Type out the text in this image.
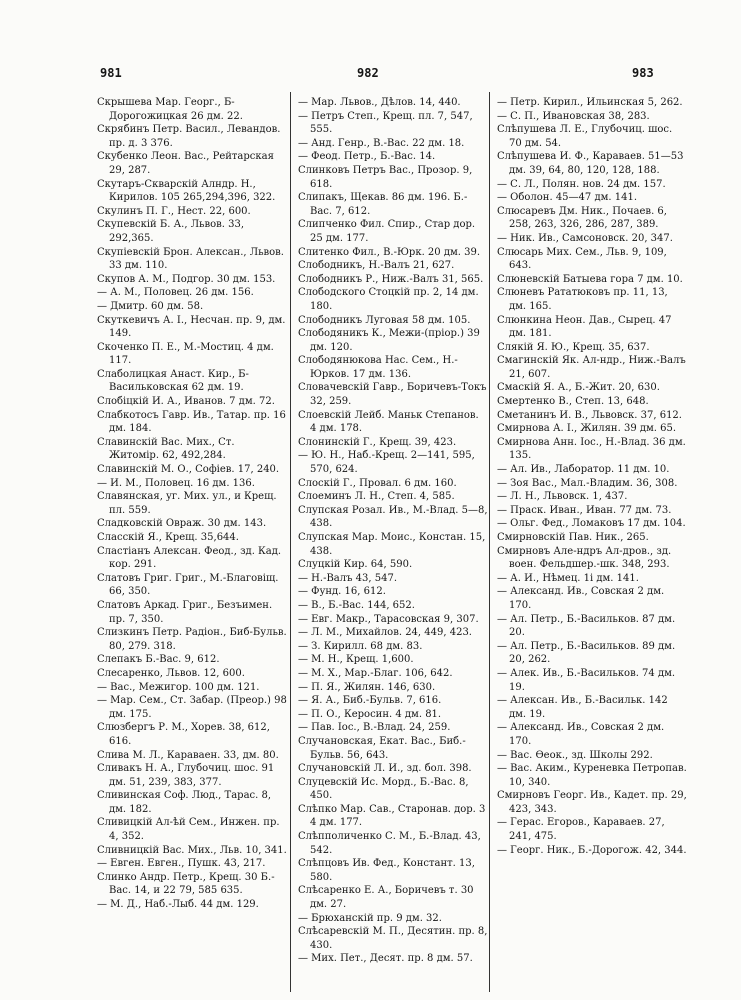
981	982	983

Скрышева Мар. Георг., Б-Дорогожицкая 26 дм. 22.

Скрябинъ Петр. Васил., Левандов. пр. д. 3 376.

Скубенко Леон. Вас., Рейтарская 29, 287.

Скутаръ-Скварскій Алндр. Н., Кирилов. 105 265,294,396, 322.

Скулинъ П. Г., Нест. 22, 600.

Скупевскій Б. А., Львов. 33, 292,365.

Скупіевскій Брон. Алексан., Львов. 33 дм. 110.

Скупов А. М., Подгор. 30 дм. 153.

— А. М., Половец. 26 дм. 156.

— Дмитр. 60 дм. 58.

Скуткевичъ А. І., Несчан. пр. 9, дм. 149.

Скоченко П. Е., М.-Мостиц. 4 дм. 117.

Слаболицкая Анаст. Кир., Б-Васильковская 62 дм. 19.

Слобіцкій И. А., Иванов. 7 дм. 72.

Слабкотосъ Гавр. Ив., Татар. пр. 16 дм. 184.

Славинскій Вас. Мих., Ст. Житомір. 62, 492,284.

Славинскій М. О., Софіев. 17, 240.

— И. М., Половец. 16 дм. 136.

Славянская, уг. Мих. ул., и Крещ. пл. 559.

Сладковскій Овраж. 30 дм. 143.

Сласскій Я., Крещ. 35,644.

Сластіанъ Алексан. Феод., зд. Кад. кор. 291.

Слатовъ Григ. Григ., М.-Благовіщ. 66, 350.

Слатовъ Аркад. Григ., Безъимен. пр. 7, 350.

Слизкинъ Петр. Радіон., Биб-Бульв. 80, 279. 318.

Слепакъ Б.-Вас. 9, 612.

Слесаренко, Львов. 12, 600.

— Вас., Межигор. 100 дм. 121.

— Мар. Сем., Ст. Забар. (Преор.) 98 дм. 175.

Слюзбергъ Р. М., Хорев. 38, 612, 616.

Слива М. Л., Караваен. 33, дм. 80.

Сливакъ Н. А., Глубочиц. шос. 91 дм. 51, 239, 383, 377.

Сливинская Соф. Люд., Тарас. 8, дм. 182.

Сливицкій Ал-ѣй Сем., Инжен. пр. 4, 352.

Сливницкій Вас. Мих., Льв. 10, 341.

— Евген. Евген., Пушк. 43, 217.

Слинко Андр. Петр., Крещ. 30 Б.-Вас. 14, и 22 79, 585 635.

— М. Д., Наб.-Лыб. 44 дм. 129.

— Мар. Львов., Дѣлов. 14, 440.

— Петръ Степ., Крещ. пл. 7, 547, 555.

— Анд. Генр., В.-Вас. 22 дм. 18.

— Феод. Петр., Б.-Вас. 14.

Слинковъ Петръ Вас., Прозор. 9, 618.

Слипакъ, Щекав. 86 дм. 196. Б.-Вас. 7, 612.

Слипченко Фил. Спир., Стар дор. 25 дм. 177.

Слитенко Фил., В.-Юрк. 20 дм. 39.

Слободникъ, Н.-Валъ 21, 627.

Слободникъ Р., Ниж.-Валъ 31, 565.

Слободского Стоцкій пр. 2, 14 дм. 180.

Слободникъ Луговая 58 дм. 105.

Слободяникъ К., Межи-(пріор.) 39 дм. 120.

Слободянюкова Нас. Сем., Н.-Юрков. 17 дм. 136.

Словачевскій Гавр., Боричевъ-Токъ 32, 259.

Слоевскій Лейб. Маньк Степанов. 4 дм. 178.

Слонинскій Г., Крещ. 39, 423.

— Ю. Н., Наб.-Крещ. 2—141, 595, 570, 624.

Слоскій Г., Провал. 6 дм. 160.

Слоеминъ Л. Н., Степ. 4, 585.

Слупская Розал. Ив., М.-Влад. 5—8, 438.

Слупская Мар. Моис., Констан. 15, 438.

Слуцкій Кир. 64, 590.

— Н.-Валъ 43, 547.

— Фунд. 16, 612.

— В., Б.-Вас. 144, 652.

— Евг. Макр., Тарасовская 9, 307.

— Л. М., Михайлов. 24, 449, 423.

— З. Кирилл. 68 дм. 83.

— М. Н., Крещ. 1,600.

— М. Х., Мар.-Благ. 106, 642.

— П. Я., Жилян. 146, 630.

— Я. А., Биб.-Бульв. 7, 616.

— П. О., Керосин. 4 дм. 81.

— Пав. Іос., В.-Влад. 24, 259.

Случановская, Екат. Вас., Биб.-Бульв. 56, 643.

Случановскій Л. И., зд. бол. 398.

Слуцевскій Ис. Морд., Б.-Вас. 8, 450.

Слѣпко Мар. Сав., Старонав. дор. 3 4 дм. 177.

Слѣпполиченко С. М., Б.-Влад. 43, 542.

Слѣпцовъ Ив. Фед., Констант. 13, 580.

Слѣсаренко Е. А., Боричевъ т. 30 дм. 27.

— Брюханскій пр. 9 дм. 32.

Слѣсаревскій М. П., Десятин. пр. 8, 430.

— Мих. Пет., Десят. пр. 8 дм. 57.

— Петр. Кирил., Ильинская 5, 262.

— С. П., Ивановская 38, 283.

Слѣпушева Л. Е., Глубочиц. шос. 70 дм. 54.

Слѣпушева И. Ф., Караваев. 51—53 дм. 39, 64, 80, 120, 128, 188.

— С. Л., Полян. нов. 24 дм. 157.

— Оболон. 45—47 дм. 141.

Слюсаревъ Дм. Ник., Почаев. 6, 258, 263, 326, 286, 287, 389.

— Ник. Ив., Самсоновск. 20, 347.

Слюсарь Мих. Сем., Льв. 9, 109, 643.

Слюневскій Батыева гора 7 дм. 10.

Слюневъ Рататюковъ пр. 11, 13, дм. 165.

Слюнкина Неон. Дав., Сырец. 47 дм. 181.

Слякій Я. Ю., Крещ. 35, 637.

Смагинскій Як. Ал-ндр., Ниж.-Валъ 21, 607.

Смаскій Я. А., Б.-Жит. 20, 630.

Смертенко В., Степ. 13, 648.

Сметанинъ И. В., Львовск. 37, 612.

Смирнова А. І., Жилян. 39 дм. 65.

Смирнова Анн. Іос., Н.-Влад. 36 дм. 135.

— Ал. Ив., Лаборатор. 11 дм. 10.

— Зоя Вас., Мал.-Владим. 36, 308.

— Л. Н., Львовск. 1, 437.

— Праск. Иван., Иван. 77 дм. 73.

— Ольг. Фед., Ломаковъ 17 дм. 104.

Смирновскій Пав. Ник., 265.

Смирновъ Але-ндръ Ал-дров., зд. воен. Фельдшер.-шк. 348, 293.

— А. И., Нѣмец. 1і дм. 141.

— Александ. Ив., Совская 2 дм. 170.

— Ал. Петр., Б.-Васильков. 87 дм. 20.

— Ал. Петр., Б.-Васильков. 89 дм. 20, 262.

— Алек. Ив., Б.-Васильков. 74 дм. 19.

— Алексан. Ив., Б.-Васильк. 142 дм. 19.

— Александ. Ив., Совская 2 дм. 170.

— Вас. Ѳеок., зд. Школы 292.

— Вас. Аким., Куреневка Петропав. 10, 340.

Смирновъ Георг. Ив., Кадет. пр. 29, 423, 343.

— Герас. Егоров., Караваев. 27, 241, 475.

— Георг. Ник., Б.-Дорогож. 42, 344.
